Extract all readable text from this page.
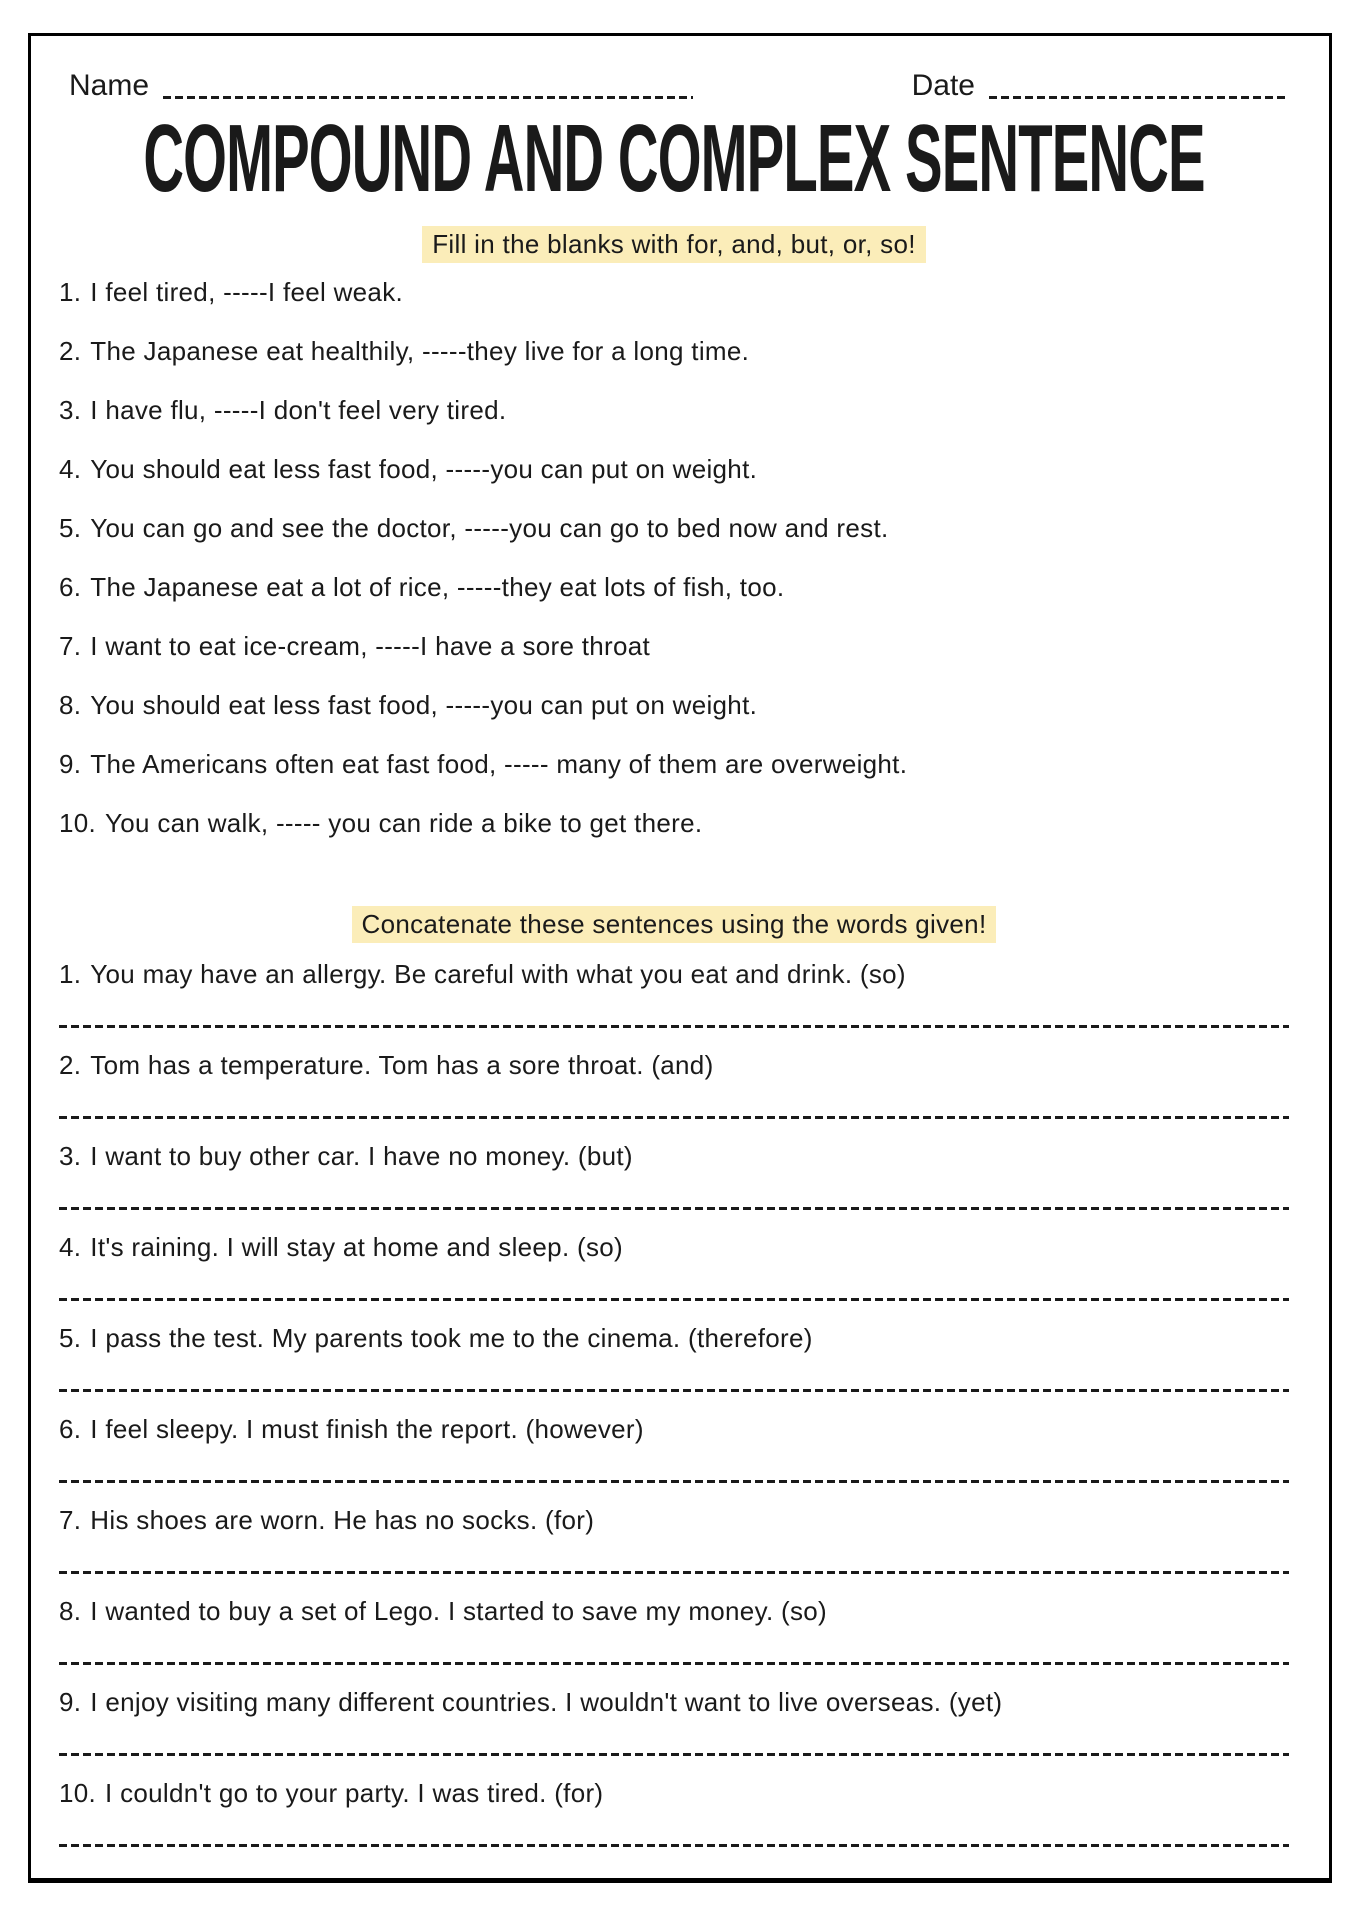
Name	Date
COMPOUND AND COMPLEX SENTENCE
Fill in the blanks with for, and, but, or, so!
1. I feel tired, -----I feel weak.
2. The Japanese eat healthily, -----they live for a long time.
3. I have flu, -----I don't feel very tired.
4. You should eat less fast food, -----you can put on weight.
5. You can go and see the doctor, -----you can go to bed now and rest.
6. The Japanese eat a lot of rice, -----they eat lots of fish, too.
7. I want to eat ice-cream, -----I have a sore throat
8. You should eat less fast food, -----you can put on weight.
9. The Americans often eat fast food, ----- many of them are overweight.
10. You can walk, ----- you can ride a bike to get there.
Concatenate these sentences using the words given!
1. You may have an allergy. Be careful with what you eat and drink. (so)
2. Tom has a temperature. Tom has a sore throat. (and)
3. I want to buy other car. I have no money. (but)
4. It's raining. I will stay at home and sleep. (so)
5. I pass the test. My parents took me to the cinema. (therefore)
6. I feel sleepy. I must finish the report. (however)
7. His shoes are worn. He has no socks. (for)
8. I wanted to buy a set of Lego. I started to save my money. (so)
9. I enjoy visiting many different countries. I wouldn't want to live overseas. (yet)
10. I couldn't go to your party. I was tired. (for)
